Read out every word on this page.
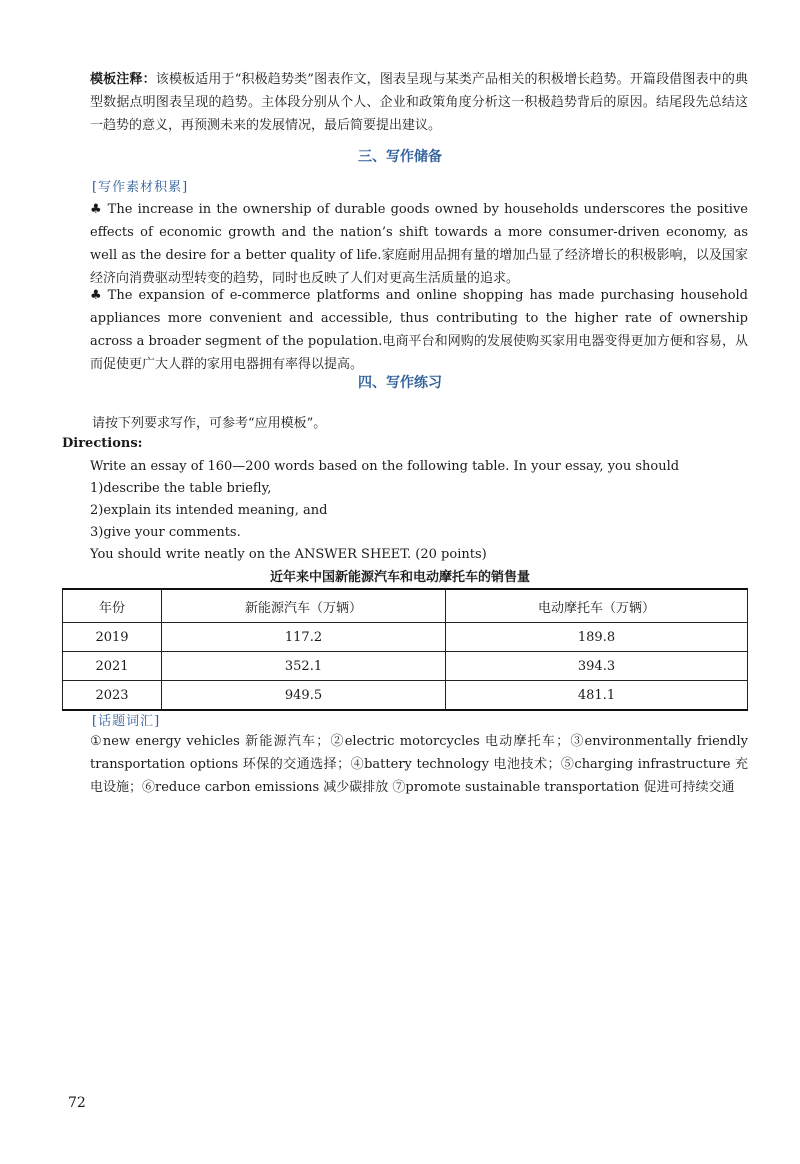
模板注释：该模板适用于“积极趋势类”图表作文，图表呈现与某类产品相关的积极增长趋势。开篇段借图表中的典型数据点明图表呈现的趋势。主体段分别从个人、企业和政策角度分析这一积极趋势背后的原因。结尾段先总结这一趋势的意义，再预测未来的发展情况，最后简要提出建议。

三、写作储备

[写作素材积累]

♣ The increase in the ownership of durable goods owned by households underscores the positive effects of economic growth and the nation’s shift towards a more consumer-driven economy, as well as the desire for a better quality of life.家庭耐用品拥有量的增加凸显了经济增长的积极影响，以及国家经济向消费驱动型转变的趋势，同时也反映了人们对更高生活质量的追求。

♣ The expansion of e-commerce platforms and online shopping has made purchasing household appliances more convenient and accessible, thus contributing to the higher rate of ownership across a broader segment of the population.电商平台和网购的发展使购买家用电器变得更加方便和容易，从而促使更广大人群的家用电器拥有率得以提高。

四、写作练习

请按下列要求写作，可参考“应用模板”。

Directions:

Write an essay of 160—200 words based on the following table. In your essay, you should

1)describe the table briefly,

2)explain its intended meaning, and

3)give your comments.

You should write neatly on the ANSWER SHEET. (20 points)

近年来中国新能源汽车和电动摩托车的销售量

年份	新能源汽车（万辆）	电动摩托车（万辆）
2019	117.2	189.8
2021	352.1	394.3
2023	949.5	481.1

[话题词汇]

①new energy vehicles 新能源汽车；②electric motorcycles 电动摩托车；③environmentally friendly transportation options 环保的交通选择；④battery technology 电池技术；⑤charging infrastructure 充电设施；⑥reduce carbon emissions 减少碳排放 ⑦promote sustainable transportation 促进可持续交通

72
